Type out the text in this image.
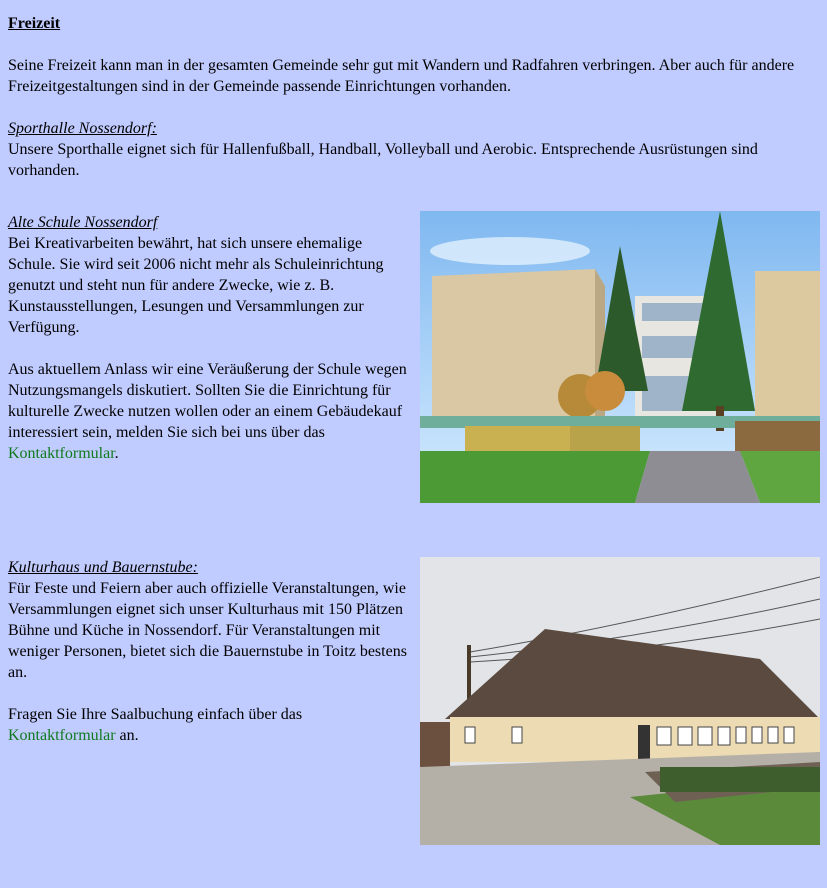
Freizeit

Seine Freizeit kann man in der gesamten Gemeinde sehr gut mit Wandern und Radfahren verbringen. Aber auch für andere Freizeitgestaltungen sind in der Gemeinde passende Einrichtungen vorhanden.

Sporthalle Nossendorf:

Unsere Sporthalle eignet sich für Hallenfußball, Handball, Volleyball und Aerobic. Entsprechende Ausrüstungen sind vorhanden.

Alte Schule Nossendorf

Bei Kreativarbeiten bewährt, hat sich unsere ehemalige Schule. Sie wird seit 2006 nicht mehr als Schuleinrichtung genutzt und steht nun für andere Zwecke, wie z. B. Kunstausstellungen, Lesungen und Versammlungen zur Verfügung.

Aus aktuellem Anlass wir eine Veräußerung der Schule wegen Nutzungsmangels diskutiert. Sollten Sie die Einrichtung für kulturelle Zwecke nutzen wollen oder an einem Gebäudekauf interessiert sein, melden Sie sich bei uns über das Kontaktformular.

Kulturhaus und Bauernstube:

Für Feste und Feiern aber auch offizielle Veranstaltungen, wie Versammlungen eignet sich unser Kulturhaus mit 150 Plätzen
Bühne und Küche in Nossendorf. Für Veranstaltungen mit weniger Personen, bietet sich die Bauernstube in Toitz bestens an.

Fragen Sie Ihre Saalbuchung einfach über das Kontaktformular an.
